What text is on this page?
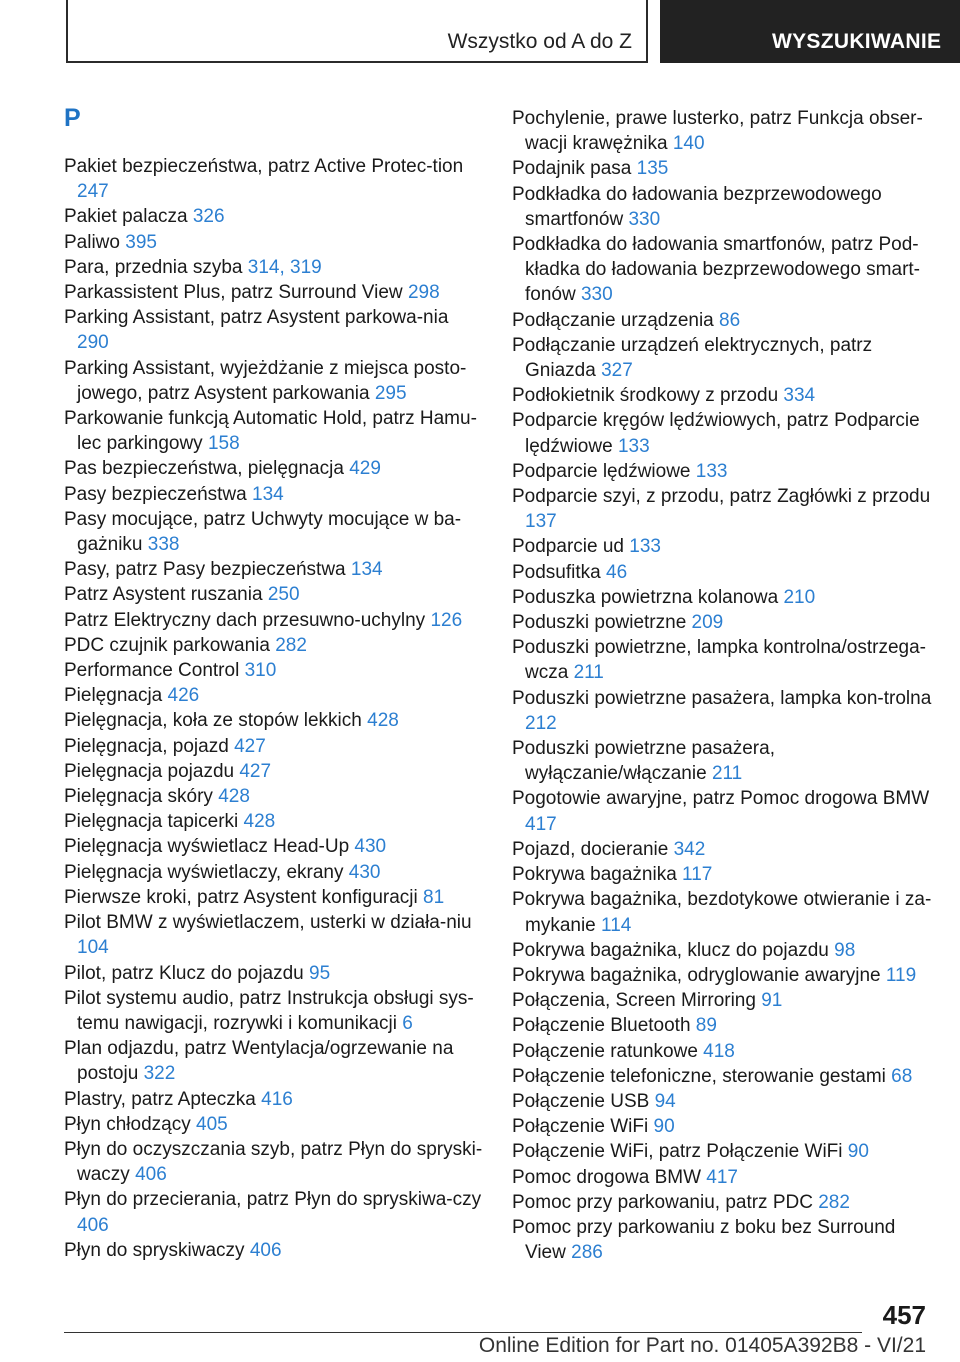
Wszystko od A do Z	WYSZUKIWANIE
P
Pakiet bezpieczeństwa, patrz Active Protec-tion 247
Pakiet palacza 326
Paliwo 395
Para, przednia szyba 314, 319
Parkassistent Plus, patrz Surround View 298
Parking Assistant, patrz Asystent parkowa-nia 290
Parking Assistant, wyjeżdżanie z miejsca posto-jowego, patrz Asystent parkowania 295
Parkowanie funkcją Automatic Hold, patrz Hamu-lec parkingowy 158
Pas bezpieczeństwa, pielęgnacja 429
Pasy bezpieczeństwa 134
Pasy mocujące, patrz Uchwyty mocujące w ba-gażniku 338
Pasy, patrz Pasy bezpieczeństwa 134
Patrz Asystent ruszania 250
Patrz Elektryczny dach przesuwno-uchylny 126
PDC czujnik parkowania 282
Performance Control 310
Pielęgnacja 426
Pielęgnacja, koła ze stopów lekkich 428
Pielęgnacja, pojazd 427
Pielęgnacja pojazdu 427
Pielęgnacja skóry 428
Pielęgnacja tapicerki 428
Pielęgnacja wyświetlacz Head-Up 430
Pielęgnacja wyświetlaczy, ekrany 430
Pierwsze kroki, patrz Asystent konfiguracji 81
Pilot BMW z wyświetlaczem, usterki w działa-niu 104
Pilot, patrz Klucz do pojazdu 95
Pilot systemu audio, patrz Instrukcja obsługi sys-temu nawigacji, rozrywki i komunikacji 6
Plan odjazdu, patrz Wentylacja/ogrzewanie na postoju 322
Plastry, patrz Apteczka 416
Płyn chłodzący 405
Płyn do oczyszczania szyb, patrz Płyn do spryski-waczy 406
Płyn do przecierania, patrz Płyn do spryskiwa-czy 406
Płyn do spryskiwaczy 406
Pochylenie, prawe lusterko, patrz Funkcja obser-wacji krawężnika 140
Podajnik pasa 135
Podkładka do ładowania bezprzewodowego smartfonów 330
Podkładka do ładowania smartfonów, patrz Pod-kładka do ładowania bezprzewodowego smart-fonów 330
Podłączanie urządzenia 86
Podłączanie urządzeń elektrycznych, patrz Gniazda 327
Podłokietnik środkowy z przodu 334
Podparcie kręgów lędźwiowych, patrz Podparcie lędźwiowe 133
Podparcie lędźwiowe 133
Podparcie szyi, z przodu, patrz Zagłówki z przodu 137
Podparcie ud 133
Podsufitka 46
Poduszka powietrzna kolanowa 210
Poduszki powietrzne 209
Poduszki powietrzne, lampka kontrolna/ostrzega-wcza 211
Poduszki powietrzne pasażera, lampka kon-trolna 212
Poduszki powietrzne pasażera, wyłączanie/włączanie 211
Pogotowie awaryjne, patrz Pomoc drogowa BMW 417
Pojazd, docieranie 342
Pokrywa bagażnika 117
Pokrywa bagażnika, bezdotykowe otwieranie i za-mykanie 114
Pokrywa bagażnika, klucz do pojazdu 98
Pokrywa bagażnika, odryglowanie awaryjne 119
Połączenia, Screen Mirroring 91
Połączenie Bluetooth 89
Połączenie ratunkowe 418
Połączenie telefoniczne, sterowanie gestami 68
Połączenie USB 94
Połączenie WiFi 90
Połączenie WiFi, patrz Połączenie WiFi 90
Pomoc drogowa BMW 417
Pomoc przy parkowaniu, patrz PDC 282
Pomoc przy parkowaniu z boku bez Surround View 286
457
Online Edition for Part no. 01405A392B8 - VI/21
